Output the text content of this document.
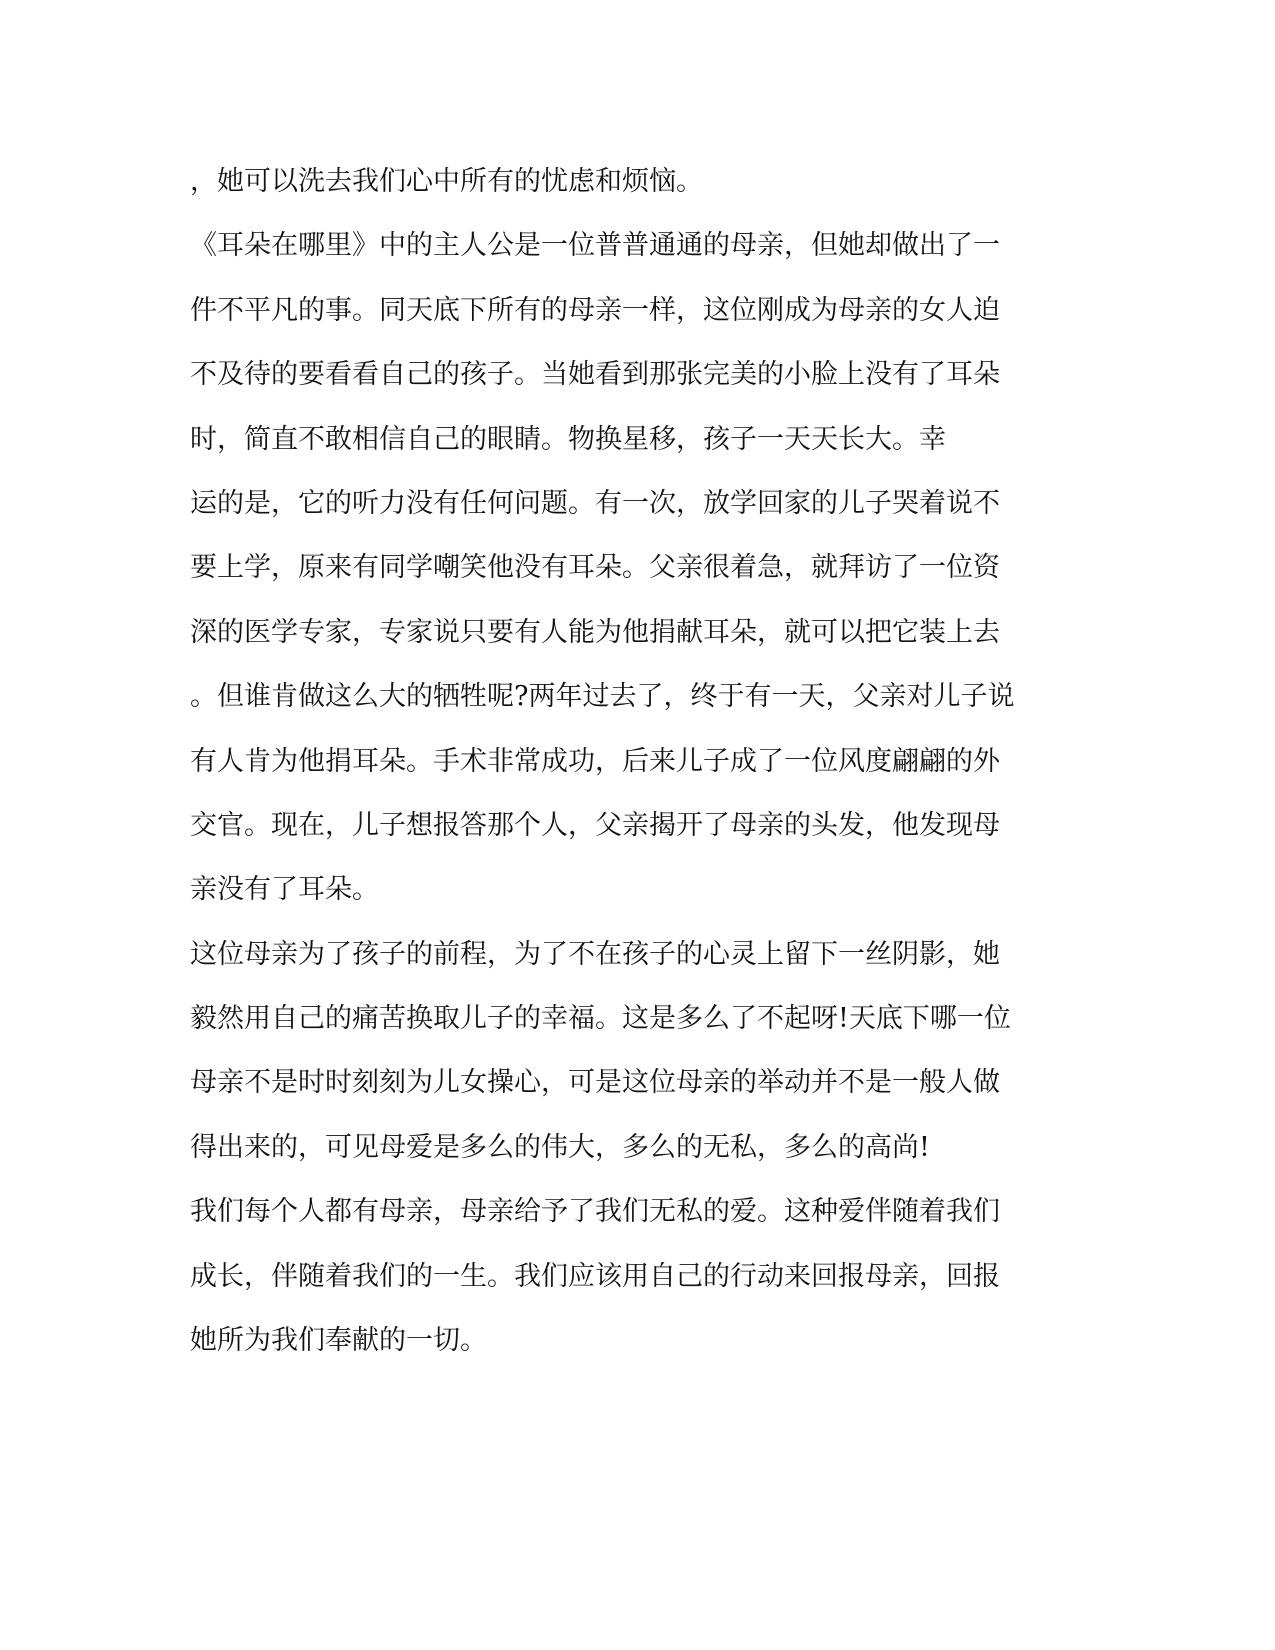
，她可以洗去我们心中所有的忧虑和烦恼。
《耳朵在哪里》中的主人公是一位普普通通的母亲，但她却做出了一
件不平凡的事。同天底下所有的母亲一样，这位刚成为母亲的女人迫
不及待的要看看自己的孩子。当她看到那张完美的小脸上没有了耳朵
时，简直不敢相信自己的眼睛。物换星移，孩子一天天长大。幸
运的是，它的听力没有任何问题。有一次，放学回家的儿子哭着说不
要上学，原来有同学嘲笑他没有耳朵。父亲很着急，就拜访了一位资
深的医学专家，专家说只要有人能为他捐献耳朵，就可以把它装上去
。但谁肯做这么大的牺牲呢?两年过去了，终于有一天，父亲对儿子说
有人肯为他捐耳朵。手术非常成功，后来儿子成了一位风度翩翩的外
交官。现在，儿子想报答那个人，父亲揭开了母亲的头发，他发现母
亲没有了耳朵。
这位母亲为了孩子的前程，为了不在孩子的心灵上留下一丝阴影，她
毅然用自己的痛苦换取儿子的幸福。这是多么了不起呀!天底下哪一位
母亲不是时时刻刻为儿女操心，可是这位母亲的举动并不是一般人做
得出来的，可见母爱是多么的伟大，多么的无私，多么的高尚!
我们每个人都有母亲，母亲给予了我们无私的爱。这种爱伴随着我们
成长，伴随着我们的一生。我们应该用自己的行动来回报母亲，回报
她所为我们奉献的一切。
